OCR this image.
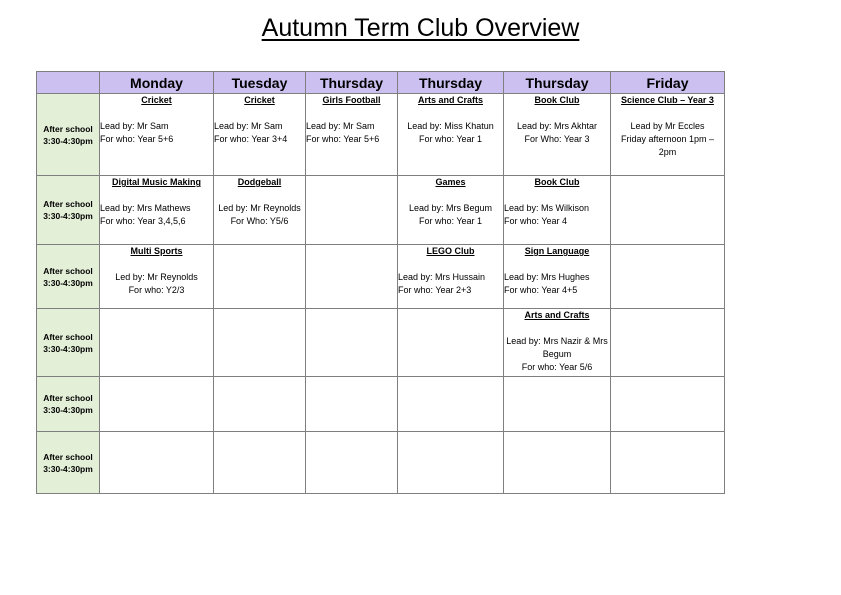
Autumn Term Club Overview
	Monday	Tuesday	Thursday	Thursday	Thursday	Friday

After school
3:30-4:30pm	Cricket
Lead by: Mr Sam
For who: Year 5+6	Cricket
Lead by: Mr Sam
For who: Year 3+4	Girls Football
Lead by: Mr Sam
For who: Year 5+6	Arts and Crafts
Lead by: Miss Khatun
For who: Year 1	Book Club
Lead by: Mrs Akhtar
For Who: Year 3	Science Club – Year 3
Lead by Mr Eccles
Friday afternoon 1pm – 2pm

After school
3:30-4:30pm	Digital Music Making
Lead by: Mrs Mathews
For who: Year 3,4,5,6	Dodgeball
Led by: Mr Reynolds
For Who: Y5/6		Games
Lead by: Mrs Begum
For who: Year 1	Book Club
Lead by: Ms Wilkison
For who: Year 4	

After school
3:30-4:30pm	Multi Sports
Led by: Mr Reynolds
For who: Y2/3			LEGO Club
Lead by: Mrs Hussain
For who: Year 2+3	Sign Language
Lead by: Mrs Hughes
For who: Year 4+5	

After school
3:30-4:30pm					Arts and Crafts
Lead by: Mrs Nazir & Mrs Begum
For who: Year 5/6	

After school
3:30-4:30pm						

After school
3:30-4:30pm						
